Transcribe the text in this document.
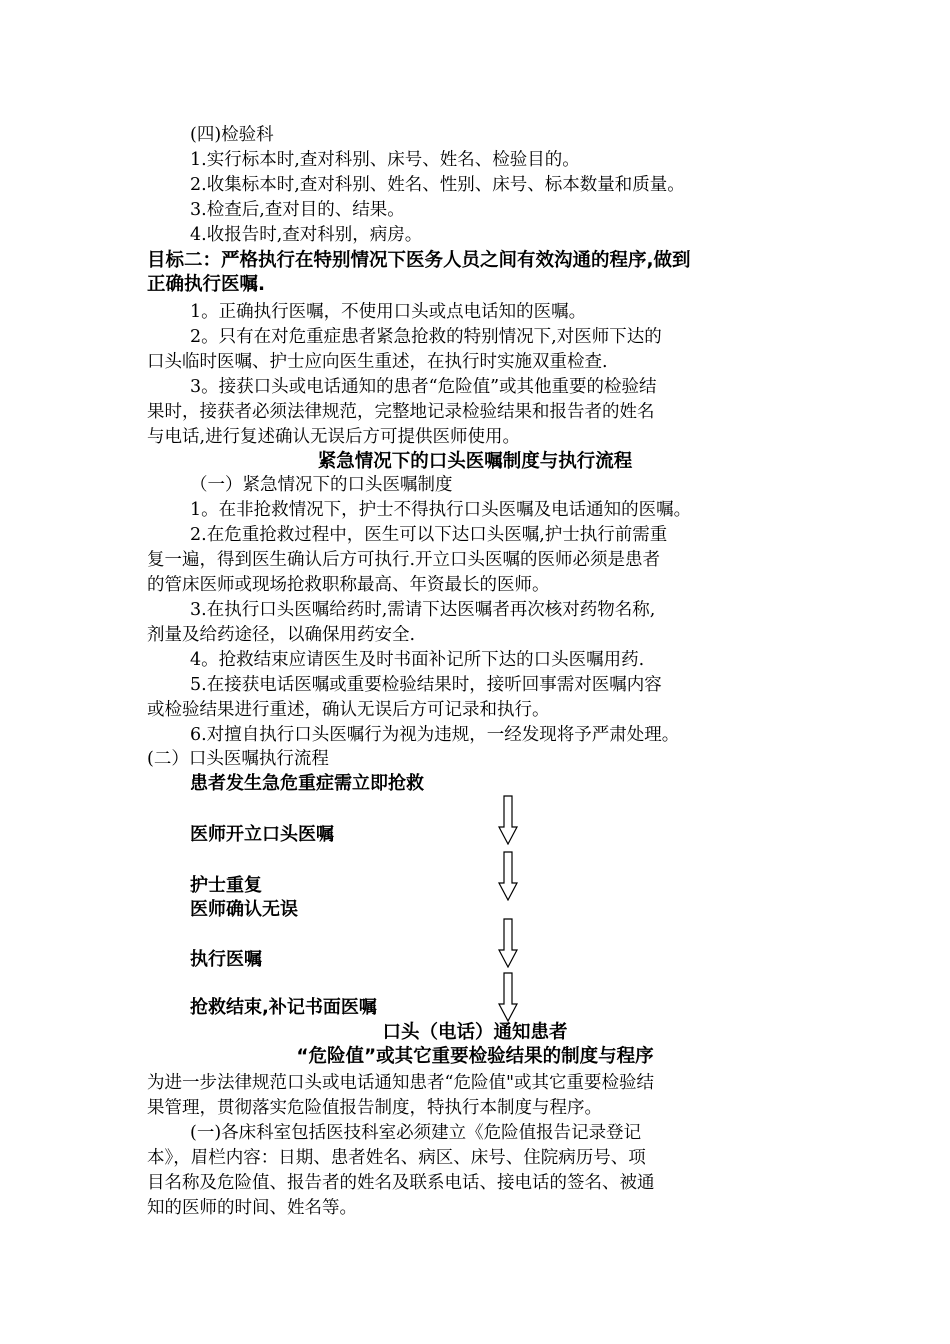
(四)检验科
1.实行标本时,查对科别、床号、姓名、检验目的。
2.收集标本时,查对科别、姓名、性别、床号、标本数量和质量。
3.检查后,查对目的、结果。
4.收报告时,查对科别，病房。
目标二：严格执行在特别情况下医务人员之间有效沟通的程序,做到
正确执行医嘱.
1。正确执行医嘱，不使用口头或点电话知的医嘱。
2。只有在对危重症患者紧急抢救的特别情况下,对医师下达的
口头临时医嘱、护士应向医生重述，在执行时实施双重检查.
3。接获口头或电话通知的患者“危险值”或其他重要的检验结
果时，接获者必须法律规范，完整地记录检验结果和报告者的姓名
与电话,进行复述确认无误后方可提供医师使用。
紧急情况下的口头医嘱制度与执行流程
（一）紧急情况下的口头医嘱制度
1。在非抢救情况下，护士不得执行口头医嘱及电话通知的医嘱。
2.在危重抢救过程中，医生可以下达口头医嘱,护士执行前需重
复一遍，得到医生确认后方可执行.开立口头医嘱的医师必须是患者
的管床医师或现场抢救职称最高、年资最长的医师。
3.在执行口头医嘱给药时,需请下达医嘱者再次核对药物名称,
剂量及给药途径，以确保用药安全.
4。抢救结束应请医生及时书面补记所下达的口头医嘱用药.
5.在接获电话医嘱或重要检验结果时，接听回事需对医嘱内容
或检验结果进行重述，确认无误后方可记录和执行。
6.对擅自执行口头医嘱行为视为违规，一经发现将予严肃处理。
(二）口头医嘱执行流程
患者发生急危重症需立即抢救
医师开立口头医嘱
护士重复
医师确认无误
执行医嘱
抢救结束,补记书面医嘱
口头（电话）通知患者
“危险值”或其它重要检验结果的制度与程序
为进一步法律规范口头或电话通知患者“危险值"或其它重要检验结
果管理，贯彻落实危险值报告制度，特执行本制度与程序。
(一)各床科室包括医技科室必须建立《危险值报告记录登记
本》，眉栏内容：日期、患者姓名、病区、床号、住院病历号、项
目名称及危险值、报告者的姓名及联系电话、接电话的签名、被通
知的医师的时间、姓名等。
